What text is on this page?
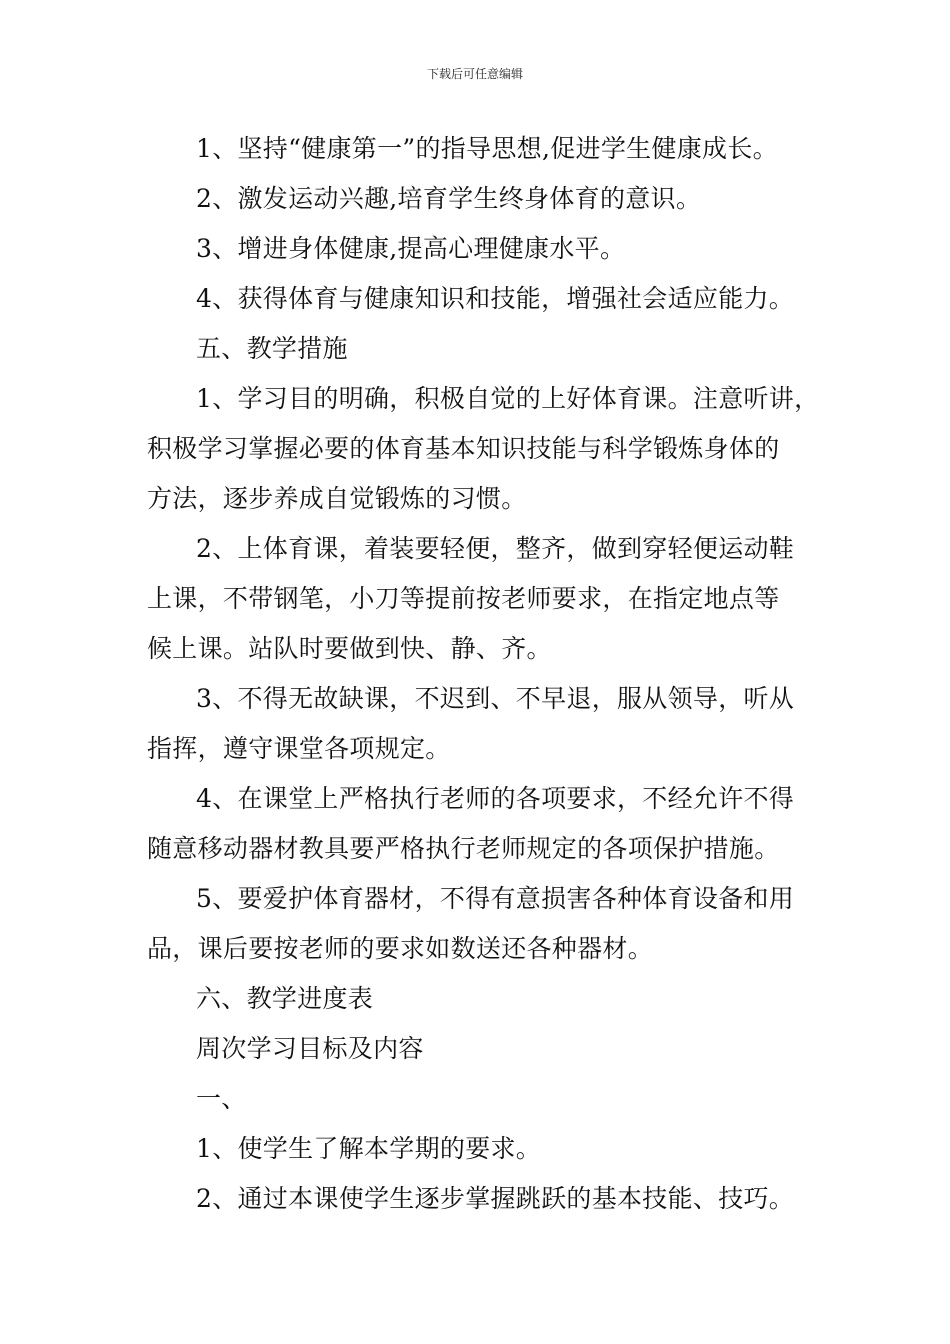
下载后可任意编辑
1、坚持“健康第一”的指导思想,促进学生健康成长。
2、激发运动兴趣,培育学生终身体育的意识。
3、增进身体健康,提高心理健康水平。
4、获得体育与健康知识和技能，增强社会适应能力。
五、教学措施
1、学习目的明确，积极自觉的上好体育课。注意听讲，
积极学习掌握必要的体育基本知识技能与科学锻炼身体的
方法，逐步养成自觉锻炼的习惯。
2、上体育课，着装要轻便，整齐，做到穿轻便运动鞋
上课，不带钢笔，小刀等提前按老师要求，在指定地点等
候上课。站队时要做到快、静、齐。
3、不得无故缺课，不迟到、不早退，服从领导，听从
指挥，遵守课堂各项规定。
4、在课堂上严格执行老师的各项要求，不经允许不得
随意移动器材教具要严格执行老师规定的各项保护措施。
5、要爱护体育器材，不得有意损害各种体育设备和用
品，课后要按老师的要求如数送还各种器材。
六、教学进度表
周次学习目标及内容
一、
1、使学生了解本学期的要求。
2、通过本课使学生逐步掌握跳跃的基本技能、技巧。
